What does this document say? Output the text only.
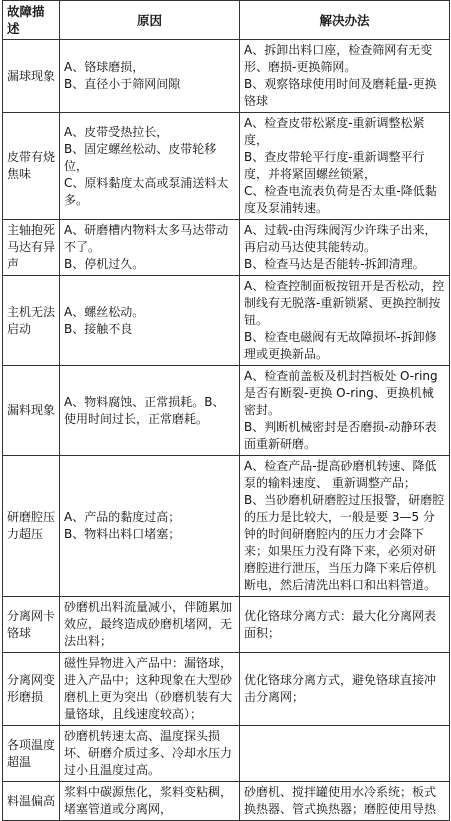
故障描述	原因	解决办法
漏球现象	A、铬球磨损，
B、直径小于筛网间隙	A、拆卸出料口座，检查筛网有无变形、磨损-更换筛网。
B、观察铬球使用时间及磨耗量-更换铬球

皮带有烧焦味	A、皮带受热拉长，
B、固定螺丝松动、皮带轮移位，
C、原料黏度太高或泵浦送料太多。	A、检查皮带松紧度-重新调整松紧度，
B、查皮带轮平行度-重新调整平行度，并将紧固螺丝锁紧，
C、检查电流表负荷是否太重-降低黏度及泵浦转速。

主轴抱死马达有异声	A、研磨槽内物料太多马达带动不了。
B、停机过久。	A、过载-由泻珠阀泻少许珠子出来，再启动马达使其能转动。
B、检查马达是否能转-拆卸清理。

主机无法启动	A、螺丝松动。
B、接触不良	A、检查控制面板按钮开是否松动，控制线有无脱落-重新锁紧、更换控制按钮。
B、检查电磁阀有无故障损坏-拆卸修理或更换新品。

漏料现象	A、物料腐蚀、正常损耗。B、使用时间过长，正常磨耗。	A、检查前盖板及机封挡板处 O-ring是否有断裂-更换 O-ring、更换机械密封。
B、判断机械密封是否磨损-动静环表面重新研磨。

研磨腔压力超压	A、产品的黏度过高；
B、物料出料口堵塞；	A、检查产品-提高砂磨机转速、降低泵的输料速度、 重新调整产品；
B、当砂磨机研磨腔过压报警，研磨腔的压力是比较大，一般是要 3—5 分钟的时间研磨腔内的压力才会降下来；如果压力没有降下来，必须对研磨腔进行泄压，当压力降下来后停机断电，然后清洗出料口和出料管道。

分离网卡铬球	砂磨机出料流量减小，伴随累加效应，最终造成砂磨机堵网，无法出料；	优化铬球分离方式：最大化分离网表面积；

分离网变形磨损	磁性异物进入产品中：漏铬球，进入产品中；这种现象在大型砂磨机上更为突出（砂磨机装有大量铬球，且线速度较高）；	优化铬球分离方式，避免铬球直接冲击分离网；

各项温度超温	砂磨机转速太高、温度探头损坏、研磨介质过多、冷却水压力过小且温度过高。	

料温偏高	浆料中碳源焦化，浆料变粘稠，堵塞管道或分离网，	砂磨机、搅拌罐使用水冷系统；板式换热器、管式换热器；磨腔使用导热
